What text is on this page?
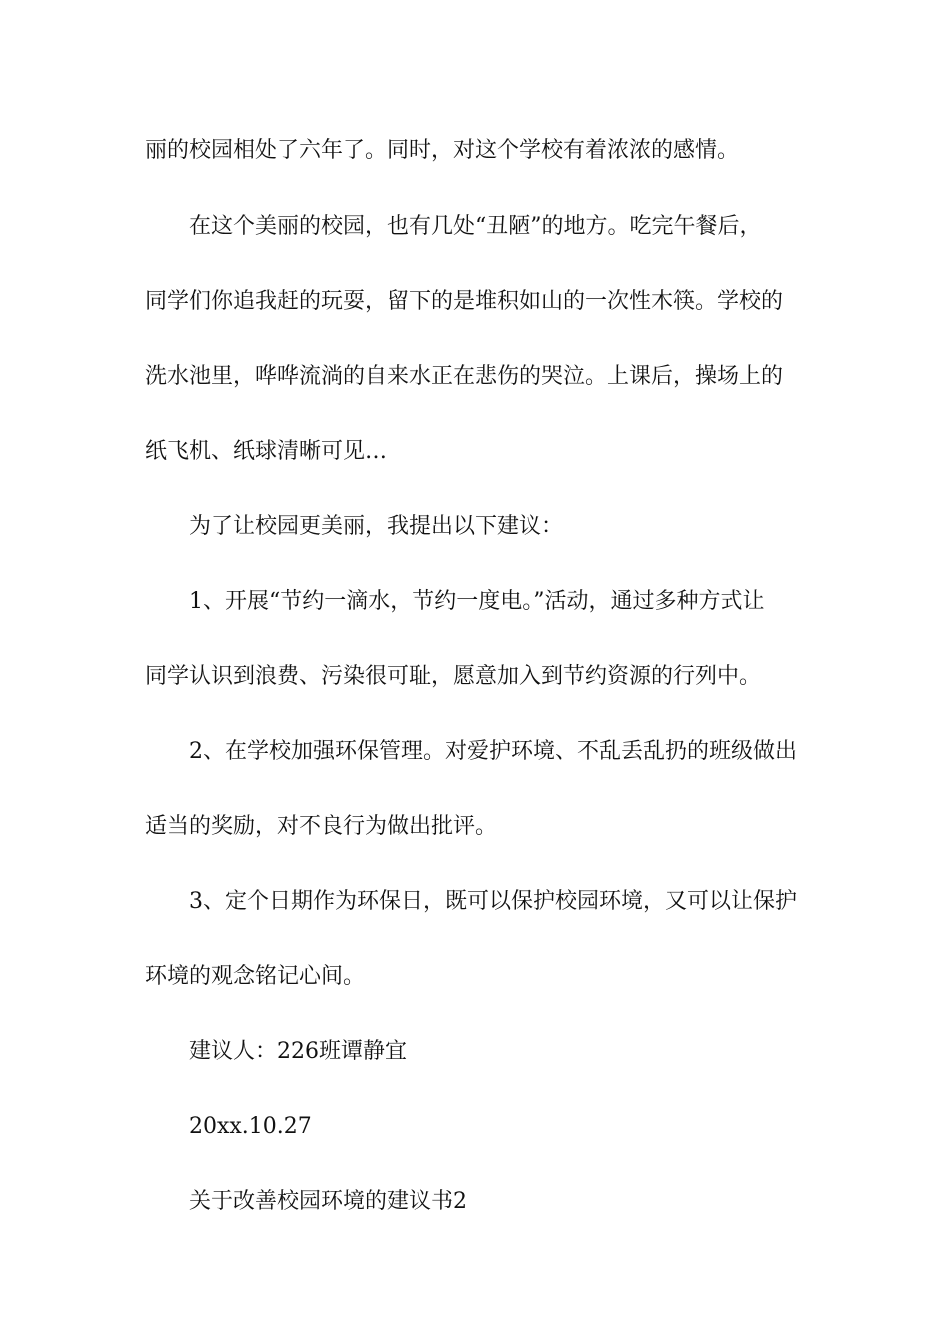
丽的校园相处了六年了。同时，对这个学校有着浓浓的感情。
在这个美丽的校园，也有几处“丑陋”的地方。吃完午餐后，
同学们你追我赶的玩耍，留下的是堆积如山的一次性木筷。学校的
洗水池里，哗哗流淌的自来水正在悲伤的哭泣。上课后，操场上的
纸飞机、纸球清晰可见…
为了让校园更美丽，我提出以下建议：
1、开展“节约一滴水，节约一度电。”活动，通过多种方式让
同学认识到浪费、污染很可耻，愿意加入到节约资源的行列中。
2、在学校加强环保管理。对爱护环境、不乱丢乱扔的班级做出
适当的奖励，对不良行为做出批评。
3、定个日期作为环保日，既可以保护校园环境，又可以让保护
环境的观念铭记心间。
建议人：226班谭静宜
20xx.10.27
关于改善校园环境的建议书2
